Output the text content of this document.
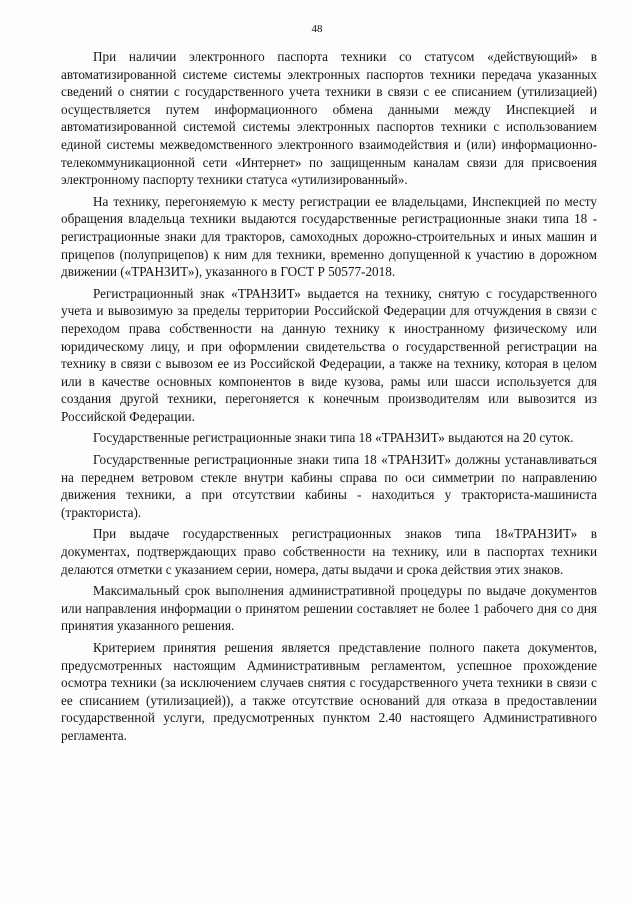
48

При наличии электронного паспорта техники со статусом «действующий» в автоматизированной системе системы электронных паспортов техники передача указанных сведений о снятии с государственного учета техники в связи с ее списанием (утилизацией) осуществляется путем информационного обмена данными между Инспекцией и автоматизированной системой системы электронных паспортов техники с использованием единой системы межведомственного электронного взаимодействия и (или) информационно-телекоммуникационной сети «Интернет» по защищенным каналам связи для присвоения электронному паспорту техники статуса «утилизированный».

На технику, перегоняемую к месту регистрации ее владельцами, Инспекцией по месту обращения владельца техники выдаются государственные регистрационные знаки типа 18 - регистрационные знаки для тракторов, самоходных дорожно-строительных и иных машин и прицепов (полуприцепов) к ним для техники, временно допущенной к участию в дорожном движении («ТРАНЗИТ»), указанного в ГОСТ Р 50577-2018.

Регистрационный знак «ТРАНЗИТ» выдается на технику, снятую с государственного учета и вывозимую за пределы территории Российской Федерации для отчуждения в связи с переходом права собственности на данную технику к иностранному физическому или юридическому лицу, и при оформлении свидетельства о государственной регистрации на технику в связи с вывозом ее из Российской Федерации, а также на технику, которая в целом или в качестве основных компонентов в виде кузова, рамы или шасси используется для создания другой техники, перегоняется к конечным производителям или вывозится из Российской Федерации.

Государственные регистрационные знаки типа 18 «ТРАНЗИТ» выдаются на 20 суток.

Государственные регистрационные знаки типа 18 «ТРАНЗИТ» должны устанавливаться на переднем ветровом стекле внутри кабины справа по оси симметрии по направлению движения техники, а при отсутствии кабины - находиться у тракториста-машиниста (тракториста).

При выдаче государственных регистрационных знаков типа 18«ТРАНЗИТ» в документах, подтверждающих право собственности на технику, или в паспортах техники делаются отметки с указанием серии, номера, даты выдачи и срока действия этих знаков.

Максимальный срок выполнения административной процедуры по выдаче документов или направления информации о принятом решении составляет не более 1 рабочего дня со дня принятия указанного решения.

Критерием принятия решения является представление полного пакета документов, предусмотренных настоящим Административным регламентом, успешное прохождение осмотра техники (за исключением случаев снятия с государственного учета техники в связи с ее списанием (утилизацией)), а также отсутствие оснований для отказа в предоставлении государственной услуги, предусмотренных пунктом 2.40 настоящего Административного регламента.
